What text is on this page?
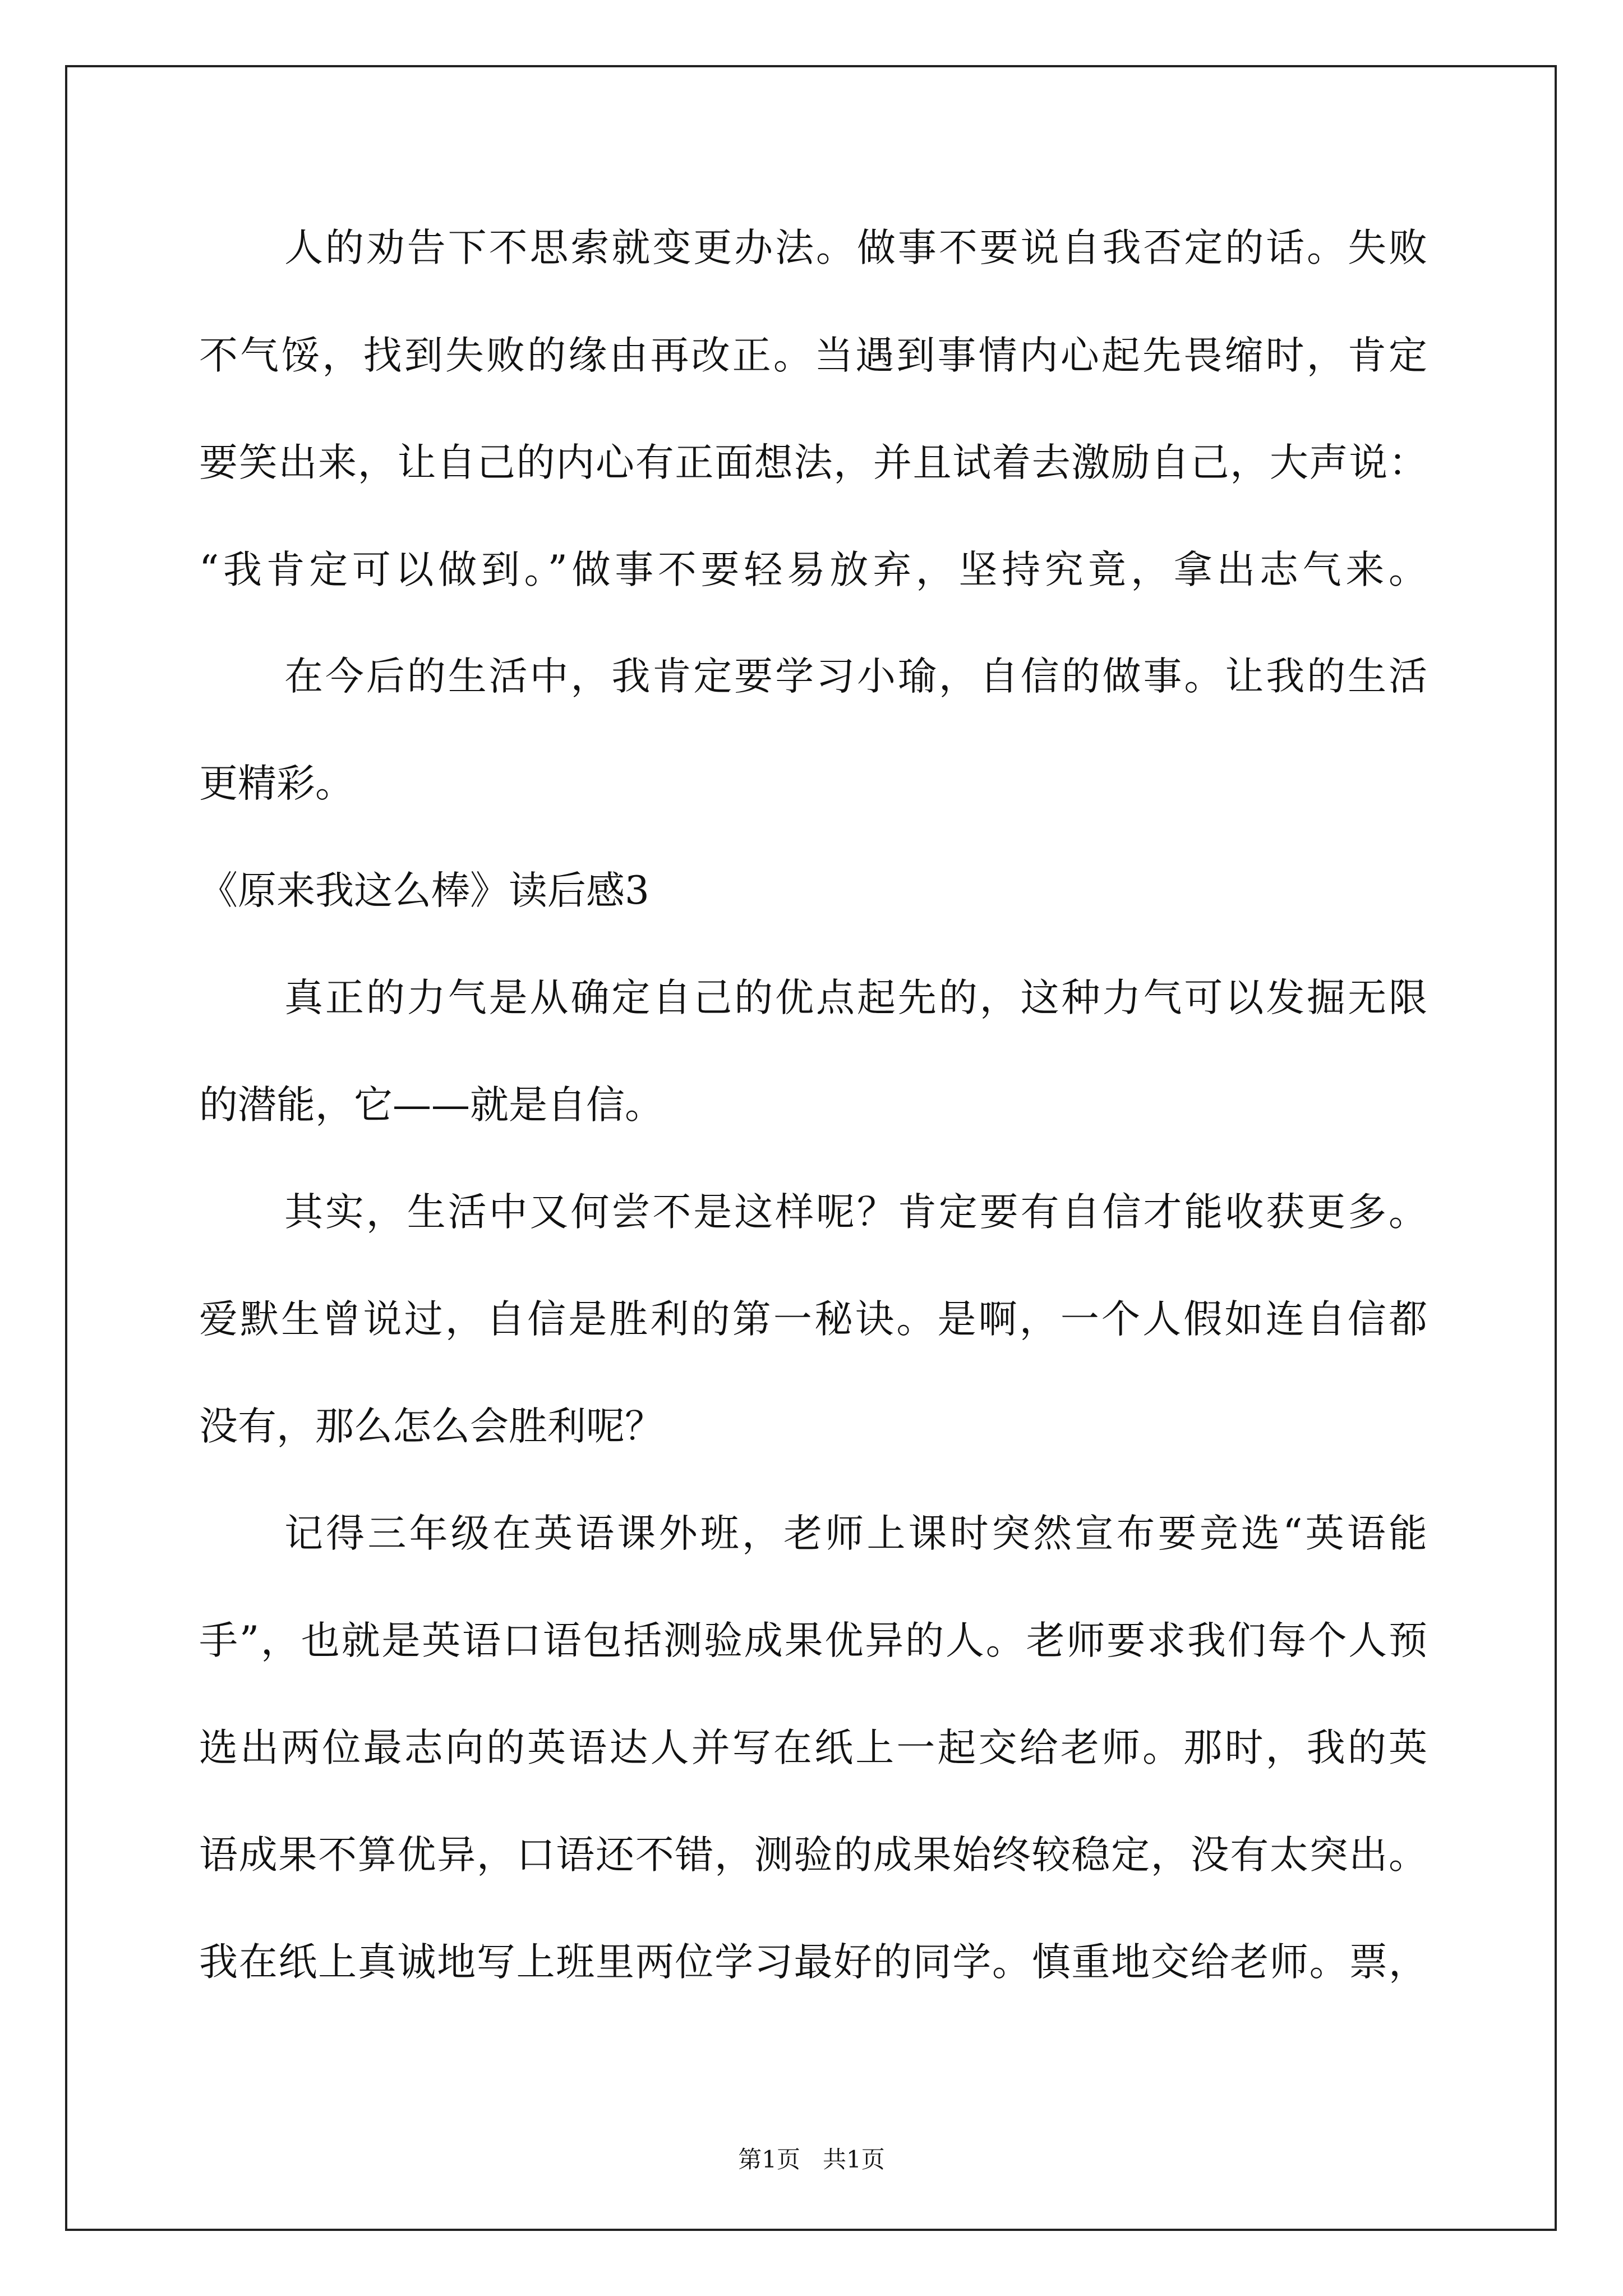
人的劝告下不思索就变更办法。做事不要说自我否定的话。失败
不气馁，找到失败的缘由再改正。当遇到事情内心起先畏缩时，肯定
要笑出来，让自己的内心有正面想法，并且试着去激励自己，大声说：
“我肯定可以做到。”做事不要轻易放弃，坚持究竟，拿出志气来。
在今后的生活中，我肯定要学习小瑜，自信的做事。让我的生活
更精彩。
《原来我这么棒》读后感3
真正的力气是从确定自己的优点起先的，这种力气可以发掘无限
的潜能，它——就是自信。
其实，生活中又何尝不是这样呢？肯定要有自信才能收获更多。
爱默生曾说过，自信是胜利的第一秘诀。是啊，一个人假如连自信都
没有，那么怎么会胜利呢？
记得三年级在英语课外班，老师上课时突然宣布要竞选“英语能
手”，也就是英语口语包括测验成果优异的人。老师要求我们每个人预
选出两位最志向的英语达人并写在纸上一起交给老师。那时，我的英
语成果不算优异，口语还不错，测验的成果始终较稳定，没有太突出。
我在纸上真诚地写上班里两位学习最好的同学。慎重地交给老师。票，
第1页   共1页
